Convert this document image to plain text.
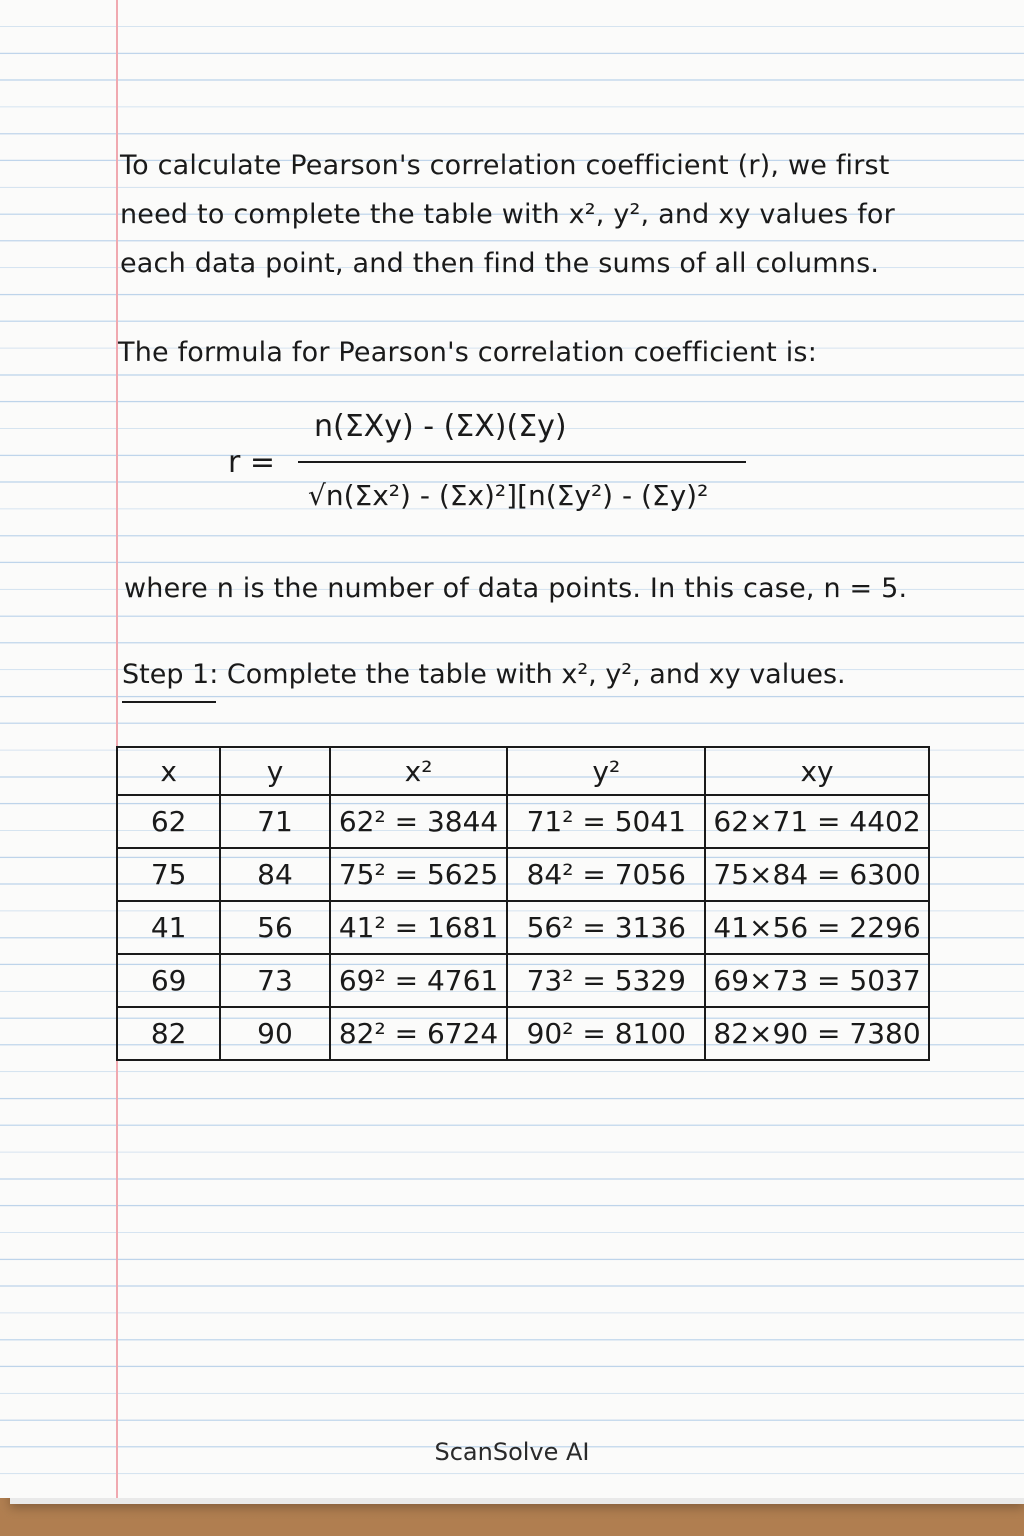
To calculate Pearson's correlation coefficient (r), we first need to complete the table with x², y², and xy values for each data point, and then find the sums of all columns.
The formula for Pearson's correlation coefficient is:
r =
n(ΣXy) - (ΣX)(Σy)
√n(Σx²) - (Σx)²][n(Σy²) - (Σy)²
where n is the number of data points. In this case, n = 5.
Step 1: Complete the table with x², y², and xy values.
x	y	x²	y²	xy
62	71	62² = 3844	71² = 5041	62×71 = 4402
75	84	75² = 5625	84² = 7056	75×84 = 6300
41	56	41² = 1681	56² = 3136	41×56 = 2296
69	73	69² = 4761	73² = 5329	69×73 = 5037
82	90	82² = 6724	90² = 8100	82×90 = 7380
ScanSolve AI
